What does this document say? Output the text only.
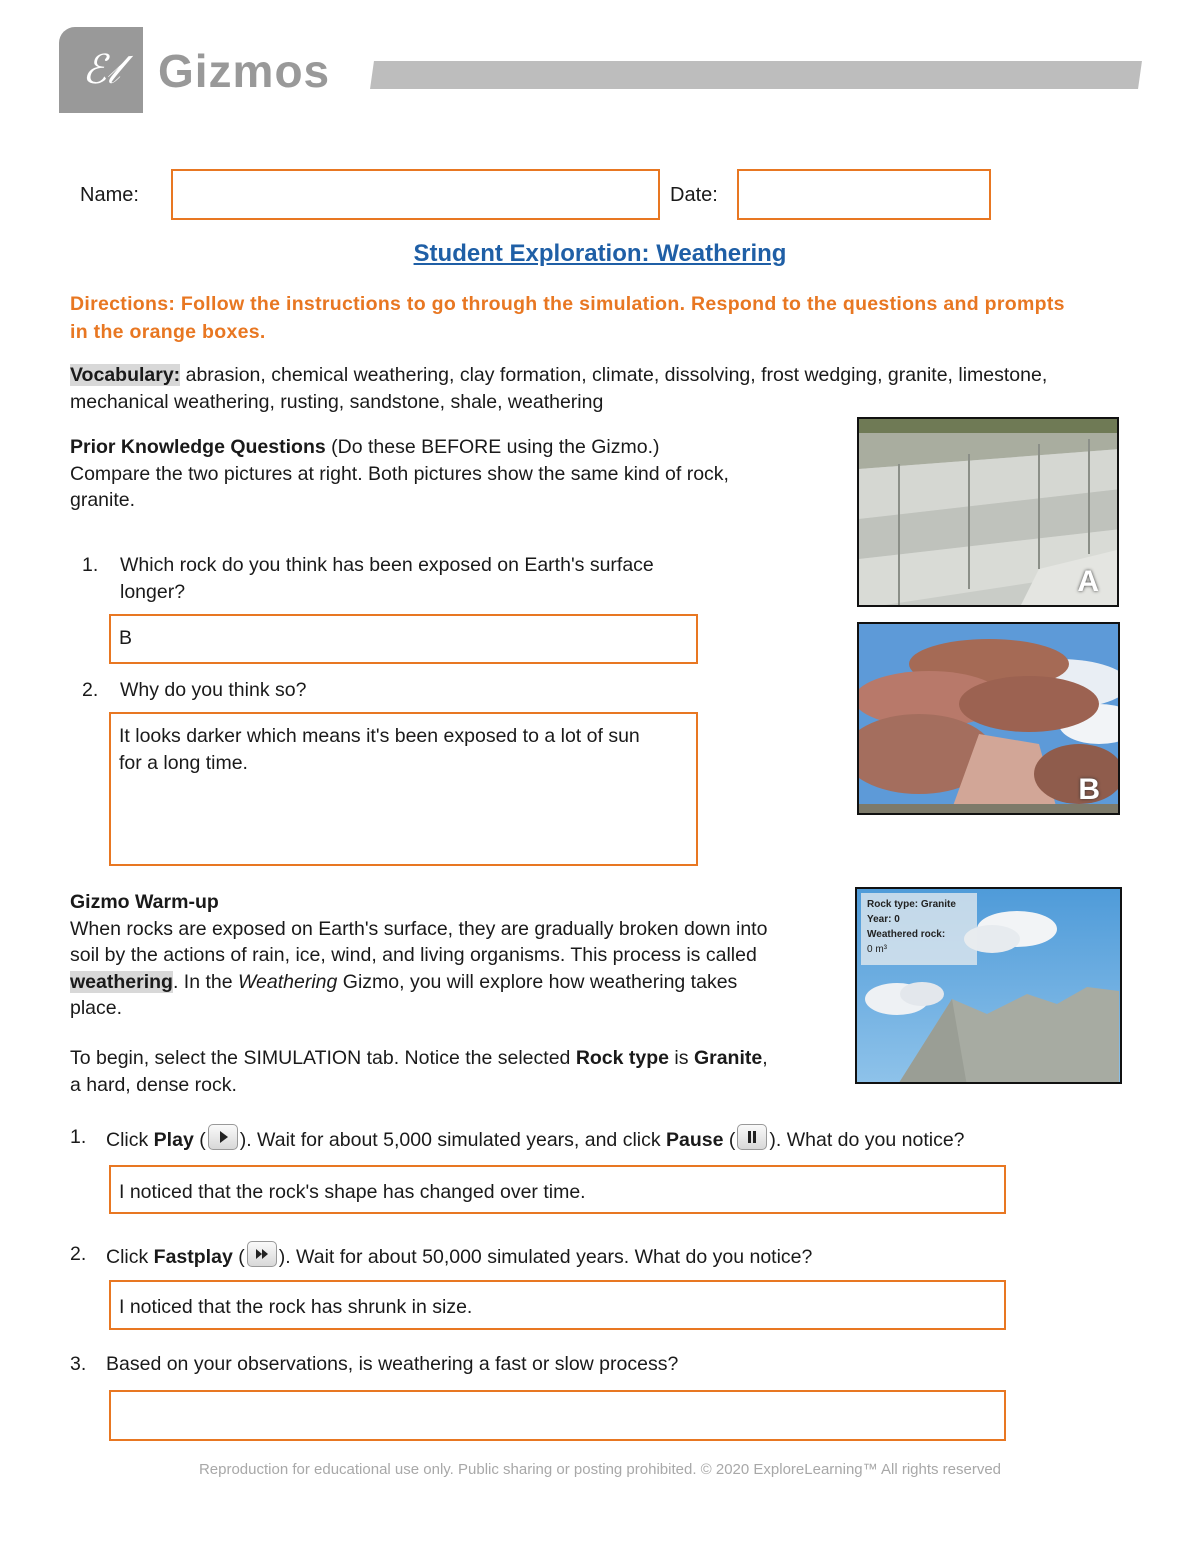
ℰ𝓁 Gizmos
Name:	Date:
Student Exploration: Weathering
Directions: Follow the instructions to go through the simulation. Respond to the questions and prompts in the orange boxes.
Vocabulary: abrasion, chemical weathering, clay formation, climate, dissolving, frost wedging, granite, limestone, mechanical weathering, rusting, sandstone, shale, weathering
Prior Knowledge Questions (Do these BEFORE using the Gizmo.)
Compare the two pictures at right. Both pictures show the same kind of rock, granite.
1. Which rock do you think has been exposed on Earth's surface longer?
B
2. Why do you think so?
It looks darker which means it's been exposed to a lot of sun for a long time.
A
B
Gizmo Warm-up
When rocks are exposed on Earth's surface, they are gradually broken down into soil by the actions of rain, ice, wind, and living organisms. This process is called weathering. In the Weathering Gizmo, you will explore how weathering takes place.
To begin, select the SIMULATION tab. Notice the selected Rock type is Granite, a hard, dense rock.
Rock type: Granite
Year: 0
Weathered rock:
0 m³
1. Click Play ( ). Wait for about 5,000 simulated years, and click Pause ( ). What do you notice?
I noticed that the rock's shape has changed over time.
2. Click Fastplay ( ). Wait for about 50,000 simulated years. What do you notice?
I noticed that the rock has shrunk in size.
3. Based on your observations, is weathering a fast or slow process?
Reproduction for educational use only. Public sharing or posting prohibited. © 2020 ExploreLearning™ All rights reserved
